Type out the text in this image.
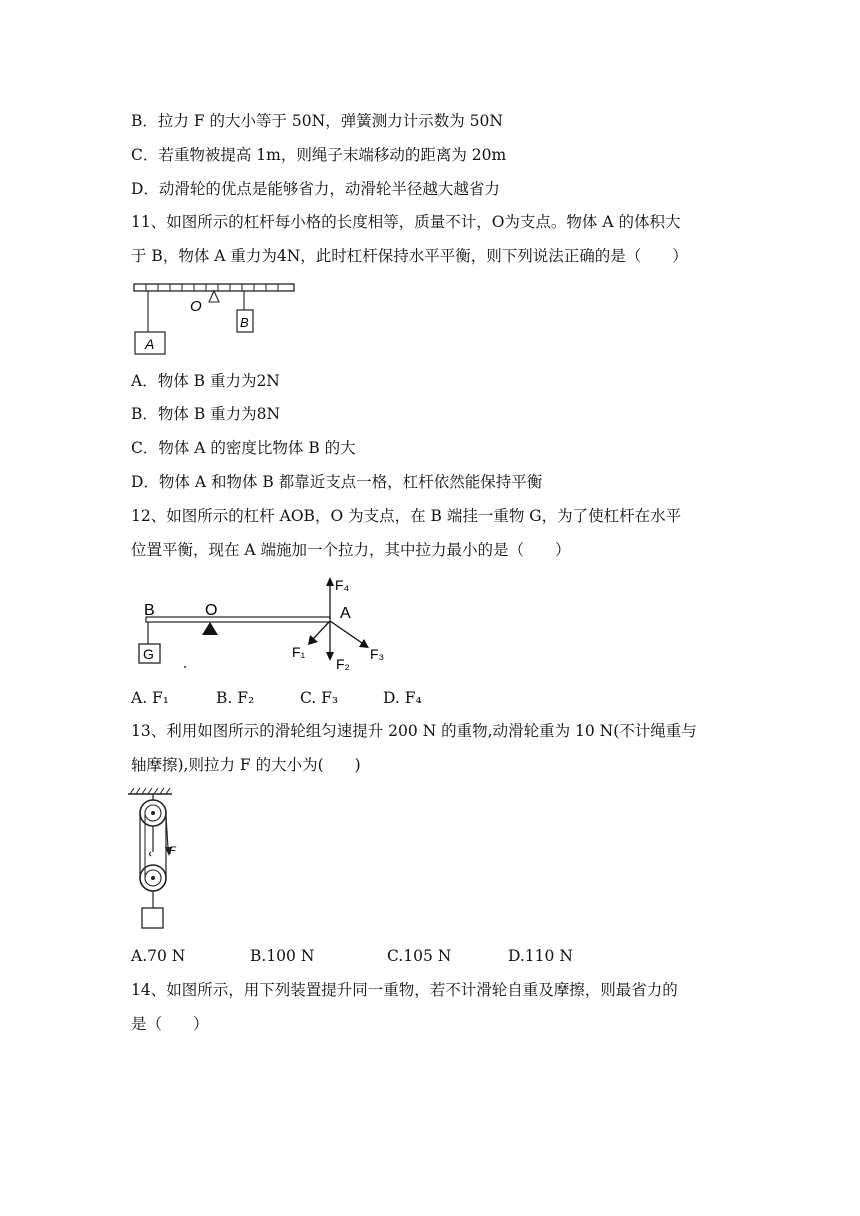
B．拉力 F 的大小等于 50N，弹簧测力计示数为 50N
C．若重物被提高 1m，则绳子末端移动的距离为 20m
D．动滑轮的优点是能够省力，动滑轮半径越大越省力
11、如图所示的杠杆每小格的长度相等，质量不计，O为支点。物体 A 的体积大
于 B，物体 A 重力为4N，此时杠杆保持水平平衡，则下列说法正确的是（　　）
O
A
B
A．物体 B 重力为2N
B．物体 B 重力为8N
C．物体 A 的密度比物体 B 的大
D．物体 A 和物体 B 都靠近支点一格，杠杆依然能保持平衡
12、如图所示的杠杆 AOB，O 为支点，在 B 端挂一重物 G，为了使杠杆在水平
位置平衡，现在 A 端施加一个拉力，其中拉力最小的是（　　）
B	O	A
G
F₄
F₂
F₁	F₃
A. F₁	B. F₂	C. F₃	D. F₄
13、利用如图所示的滑轮组匀速提升 200 N 的重物,动滑轮重为 10 N(不计绳重与
轴摩擦),则拉力 F 的大小为(　　)
F
A.70 N	B.100 N	C.105 N	D.110 N
14、如图所示，用下列装置提升同一重物，若不计滑轮自重及摩擦，则最省力的
是（　　）
